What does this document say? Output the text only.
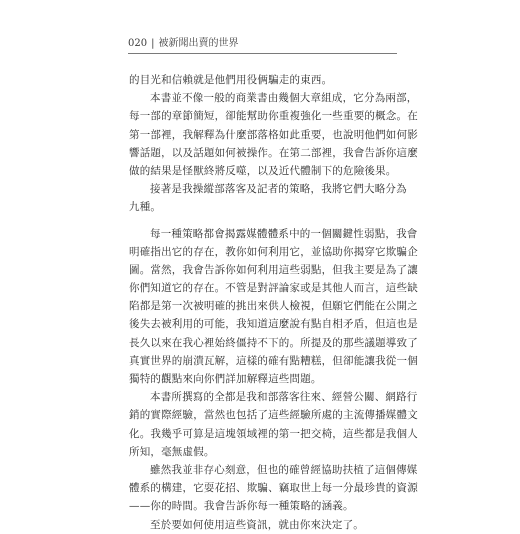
020 | 被新聞出賣的世界

的目光和信賴就是他們用役俩騙走的東西。

本書並不像一般的商業書由幾個大章組成，它分為兩部，
每一部的章節簡短，卻能幫助你重複強化一些重要的概念。在
第一部裡，我解釋為什麼部落格如此重要，也說明他們如何影
響話題，以及話題如何被操作。在第二部裡，我會告訴你這麼
做的結果是怪獸終將反噬，以及近代體制下的危險後果。

接著是我操縱部落客及記者的策略，我將它們大略分為
九種。

每一種策略都會揭露媒體體系中的一個關鍵性弱點，我會
明確指出它的存在，教你如何利用它，並協助你揭穿它欺騙企
圖。當然，我會告訴你如何利用這些弱點，但我主要是為了讓
你們知道它的存在。不管是對評論家或是其他人而言，這些缺
陷都是第一次被明確的挑出來供人檢視，但願它們能在公開之
後失去被利用的可能，我知道這麼說有點自相矛盾，但這也是
長久以來在我心裡始終僵持不下的。所提及的那些議題導致了
真實世界的崩潰瓦解，這樣的確有點糟糕，但卻能讓我從一個
獨特的觀點來向你們詳加解釋這些問題。

本書所撰寫的全都是我和部落客往來、經營公關、網路行
銷的實際經驗，當然也包括了這些經驗所處的主流傳播媒體文
化。我幾乎可算是這塊領域裡的第一把交椅，這些都是我個人
所知，毫無虛假。

雖然我並非存心刻意，但也的確曾經協助扶植了這個傳媒
體系的構建，它耍花招、欺騙、竊取世上每一分最珍貴的資源
——你的時間。我會告訴你每一種策略的涵義。

至於要如何使用這些資訊，就由你來決定了。
